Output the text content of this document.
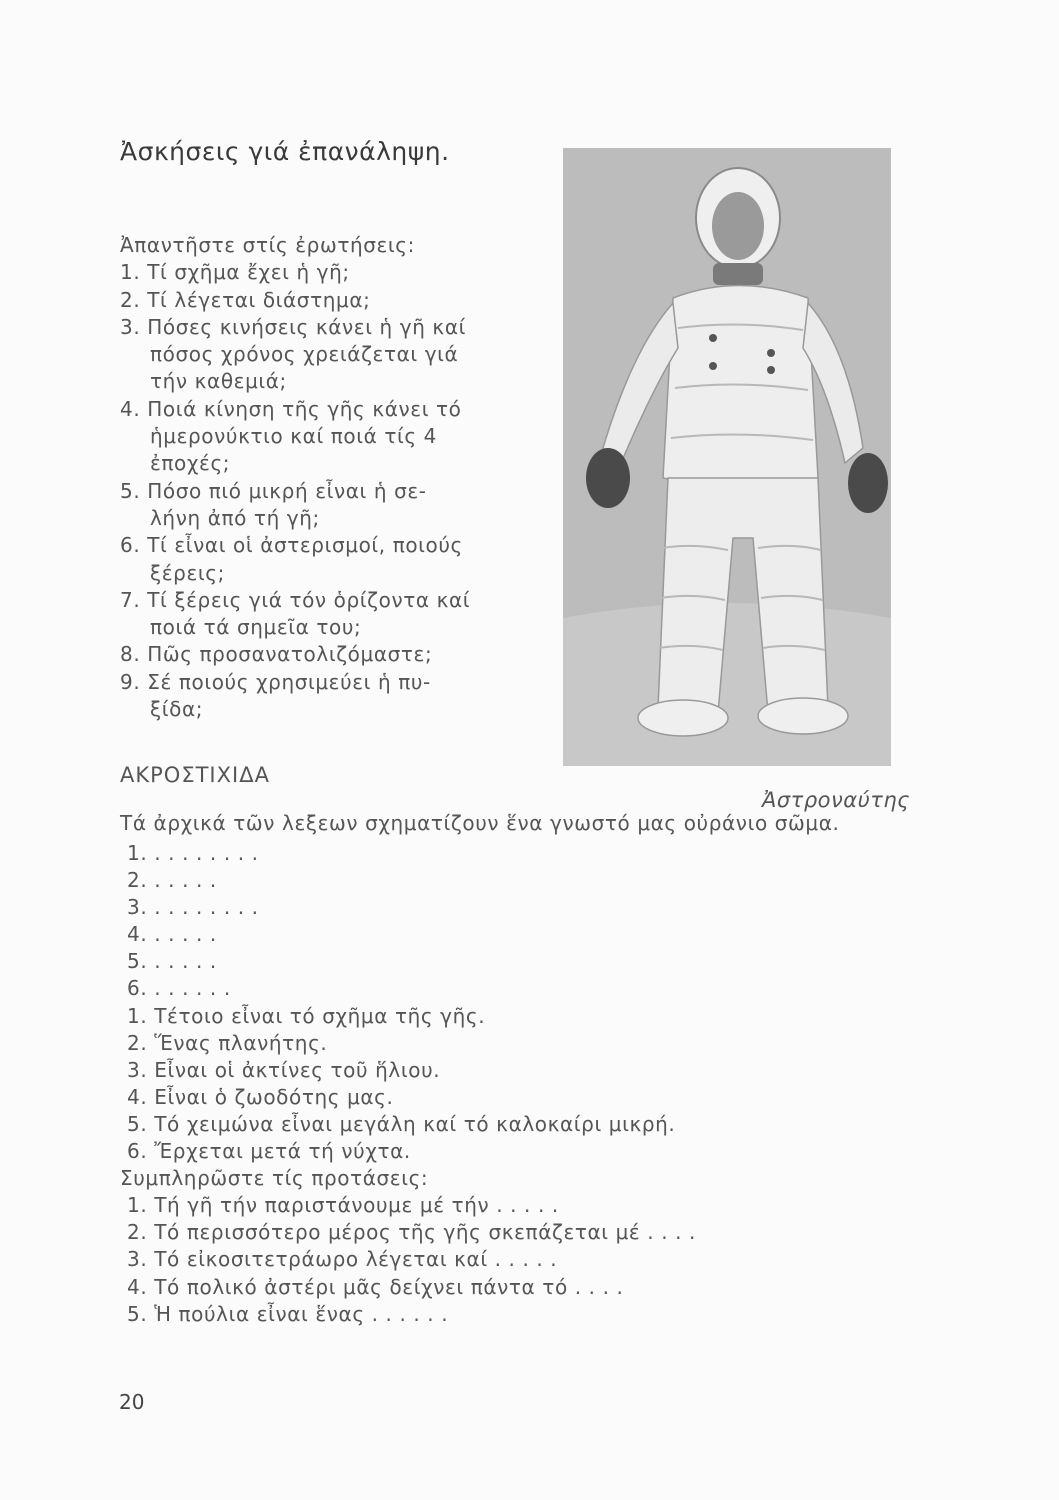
Ἀσκήσεις γιά ἐπανάληψη.
Ἀπαντῆστε στίς ἐρωτήσεις:
1. Τί σχῆμα ἔχει ἡ γῆ;
2. Τί λέγεται διάστημα;
3. Πόσες κινήσεις κάνει ἡ γῆ καί
πόσος χρόνος χρειάζεται γιά
τήν καθεμιά;
4. Ποιά κίνηση τῆς γῆς κάνει τό
ἡμερονύκτιο καί ποιά τίς 4
ἐποχές;
5. Πόσο πιό μικρή εἶναι ἡ σε-
λήνη ἀπό τή γῆ;
6. Τί εἶναι οἱ ἀστερισμοί, ποιούς
ξέρεις;
7. Τί ξέρεις γιά τόν ὁρίζοντα καί
ποιά τά σημεῖα του;
8. Πῶς προσανατολιζόμαστε;
9. Σέ ποιούς χρησιμεύει ἡ πυ-
ξίδα;
Ἀστροναύτης
ΑΚΡΟΣΤΙΧΙΔΑ
Τά ἀρχικά τῶν λεξεων σχηματίζουν ἕνα γνωστό μας οὐράνιο σῶμα.
1. . . . . . . . .
2. . . . . .
3. . . . . . . . .
4. . . . . .
5. . . . . .
6. . . . . . .
1. Τέτοιο εἶναι τό σχῆμα τῆς γῆς.
2. Ἕνας πλανήτης.
3. Εἶναι οἱ ἀκτίνες τοῦ ἥλιου.
4. Εἶναι ὁ ζωοδότης μας.
5. Τό χειμώνα εἶναι μεγάλη καί τό καλοκαίρι μικρή.
6. Ἔρχεται μετά τή νύχτα.
Συμπληρῶστε τίς προτάσεις:
1. Τή γῆ τήν παριστάνουμε μέ τήν . . . . .
2. Τό περισσότερο μέρος τῆς γῆς σκεπάζεται μέ . . . .
3. Τό εἰκοσιτετράωρο λέγεται καί . . . . .
4. Τό πολικό ἀστέρι μᾶς δείχνει πάντα τό . . . .
5. Ἡ πούλια εἶναι ἕνας . . . . . .
20
